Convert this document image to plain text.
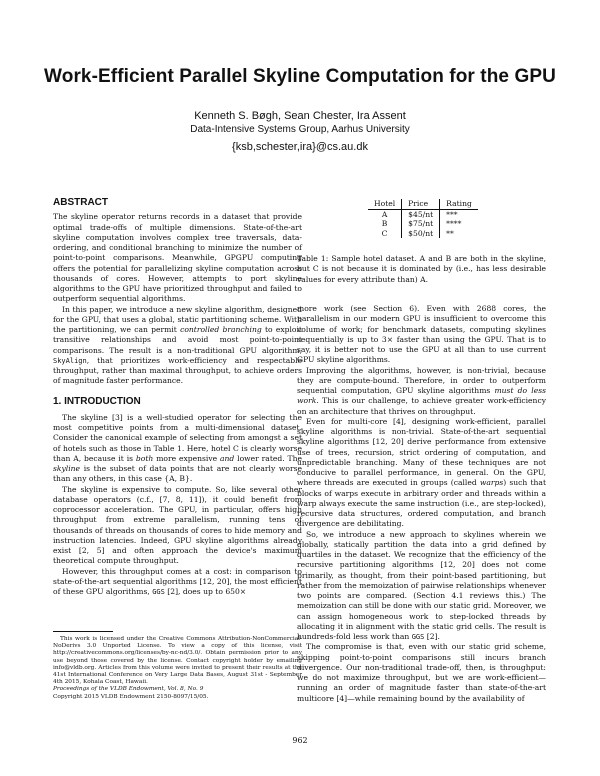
Work-Efficient Parallel Skyline Computation for the GPU
Kenneth S. Bøgh, Sean Chester, Ira Assent
Data-Intensive Systems Group, Aarhus University
{ksb,schester,ira}@cs.au.dk
ABSTRACT

The skyline operator returns records in a dataset that provide optimal trade-offs of multiple dimensions. State-of-the-art skyline computation involves complex tree traversals, data-ordering, and conditional branching to minimize the number of point-to-point comparisons. Meanwhile, GPGPU computing offers the potential for parallelizing skyline computation across thousands of cores. However, attempts to port skyline algorithms to the GPU have prioritized throughput and failed to outperform sequential algorithms.

In this paper, we introduce a new skyline algorithm, designed for the GPU, that uses a global, static partitioning scheme. With the partitioning, we can permit controlled branching to exploit transitive relationships and avoid most point-to-point comparisons. The result is a non-traditional GPU algorithm, SkyAlign, that prioritizes work-efficiency and respectable throughput, rather than maximal throughput, to achieve orders of magnitude faster performance.

1. INTRODUCTION

The skyline [3] is a well-studied operator for selecting the most competitive points from a multi-dimensional dataset. Consider the canonical example of selecting from amongst a set of hotels such as those in Table 1. Here, hotel C is clearly worse than A, because it is both more expensive and lower rated. The skyline is the subset of data points that are not clearly worse than any others, in this case {A, B}.

The skyline is expensive to compute. So, like several other database operators (c.f., [7, 8, 11]), it could benefit from coprocessor acceleration. The GPU, in particular, offers high throughput from extreme parallelism, running tens of thousands of threads on thousands of cores to hide memory and instruction latencies. Indeed, GPU skyline algorithms already exist [2, 5] and often approach the device's maximum theoretical compute throughput.

However, this throughput comes at a cost: in comparison to state-of-the-art sequential algorithms [12, 20], the most efficient of these GPU algorithms, GGS [2], does up to 650×

Hotel	Price	Rating
A	$45/nt	***
B	$75/nt	****
C	$50/nt	**
Table 1: Sample hotel dataset. A and B are both in the skyline, but C is not because it is dominated by (i.e., has less desirable values for every attribute than) A.

more work (see Section 6). Even with 2688 cores, the parallelism in our modern GPU is insufficient to overcome this volume of work; for benchmark datasets, computing skylines sequentially is up to 3× faster than using the GPU. That is to say, it is better not to use the GPU at all than to use current GPU skyline algorithms.

Improving the algorithms, however, is non-trivial, because they are compute-bound. Therefore, in order to outperform sequential computation, GPU skyline algorithms must do less work. This is our challenge, to achieve greater work-efficiency on an architecture that thrives on throughput.

Even for multi-core [4], designing work-efficient, parallel skyline algorithms is non-trivial. State-of-the-art sequential skyline algorithms [12, 20] derive performance from extensive use of trees, recursion, strict ordering of computation, and unpredictable branching. Many of these techniques are not conducive to parallel performance, in general. On the GPU, where threads are executed in groups (called warps) such that blocks of warps execute in arbitrary order and threads within a warp always execute the same instruction (i.e., are step-locked), recursive data structures, ordered computation, and branch divergence are debilitating.

So, we introduce a new approach to skylines wherein we globally, statically partition the data into a grid defined by quartiles in the dataset. We recognize that the efficiency of the recursive partitioning algorithms [12, 20] does not come primarily, as thought, from their point-based partitioning, but rather from the memoization of pairwise relationships whenever two points are compared. (Section 4.1 reviews this.) The memoization can still be done with our static grid. Moreover, we can assign homogeneous work to step-locked threads by allocating it in alignment with the static grid cells. The result is hundreds-fold less work than GGS [2].

The compromise is that, even with our static grid scheme, skipping point-to-point comparisons still incurs branch divergence. Our non-traditional trade-off, then, is throughput: we do not maximize throughput, but we are work-efficient—running an order of magnitude faster than state-of-the-art multicore [4]—while remaining bound by the availability of

This work is licensed under the Creative Commons Attribution-NonCommercial-NoDerivs 3.0 Unported License. To view a copy of this license, visit http://creativecommons.org/licenses/by-nc-nd/3.0/. Obtain permission prior to any use beyond those covered by the license. Contact copyright holder by emailing info@vldb.org. Articles from this volume were invited to present their results at the 41st International Conference on Very Large Data Bases, August 31st - September 4th 2015, Kohala Coast, Hawaii.

Proceedings of the VLDB Endowment, Vol. 8, No. 9

Copyright 2015 VLDB Endowment 2150-8097/15/05.

962
